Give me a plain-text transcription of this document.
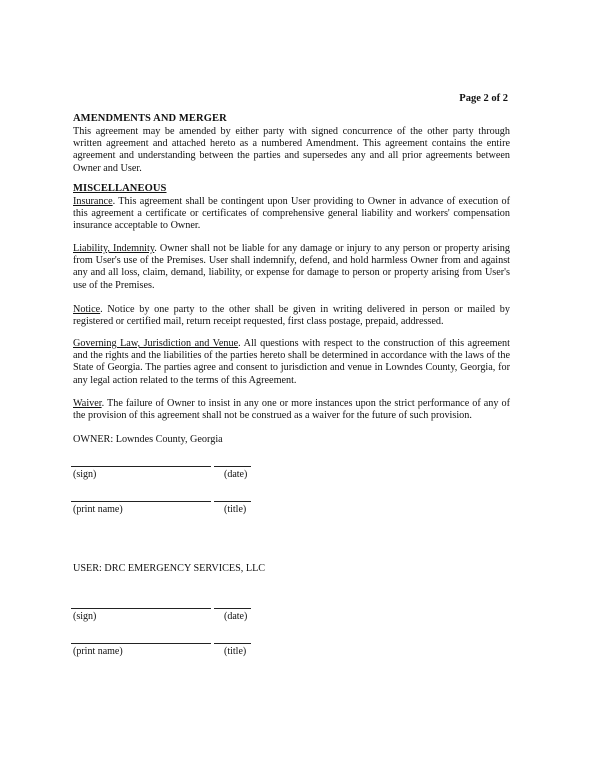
Page 2 of 2
AMENDMENTS AND MERGER

This agreement may be amended by either party with signed concurrence of the other party through written agreement and attached hereto as a numbered Amendment. This agreement contains the entire agreement and understanding between the parties and supersedes any and all prior agreements between Owner and User.

MISCELLANEOUS

Insurance. This agreement shall be contingent upon User providing to Owner in advance of execution of this agreement a certificate or certificates of comprehensive general liability and workers' compensation insurance acceptable to Owner.

Liability, Indemnity. Owner shall not be liable for any damage or injury to any person or property arising from User's use of the Premises. User shall indemnify, defend, and hold harmless Owner from and against any and all loss, claim, demand, liability, or expense for damage to person or property arising from User's use of the Premises.

Notice. Notice by one party to the other shall be given in writing delivered in person or mailed by registered or certified mail, return receipt requested, first class postage, prepaid, addressed.

Governing Law, Jurisdiction and Venue. All questions with respect to the construction of this agreement and the rights and the liabilities of the parties hereto shall be determined in accordance with the laws of the State of Georgia. The parties agree and consent to jurisdiction and venue in Lowndes County, Georgia, for any legal action related to the terms of this Agreement.

Waiver. The failure of Owner to insist in any one or more instances upon the strict performance of any of the provision of this agreement shall not be construed as a waiver for the future of such provision.

OWNER: Lowndes County, Georgia
(sign)	(date)
(print name)	(title)
USER: DRC EMERGENCY SERVICES, LLC
(sign)	(date)
(print name)	(title)
